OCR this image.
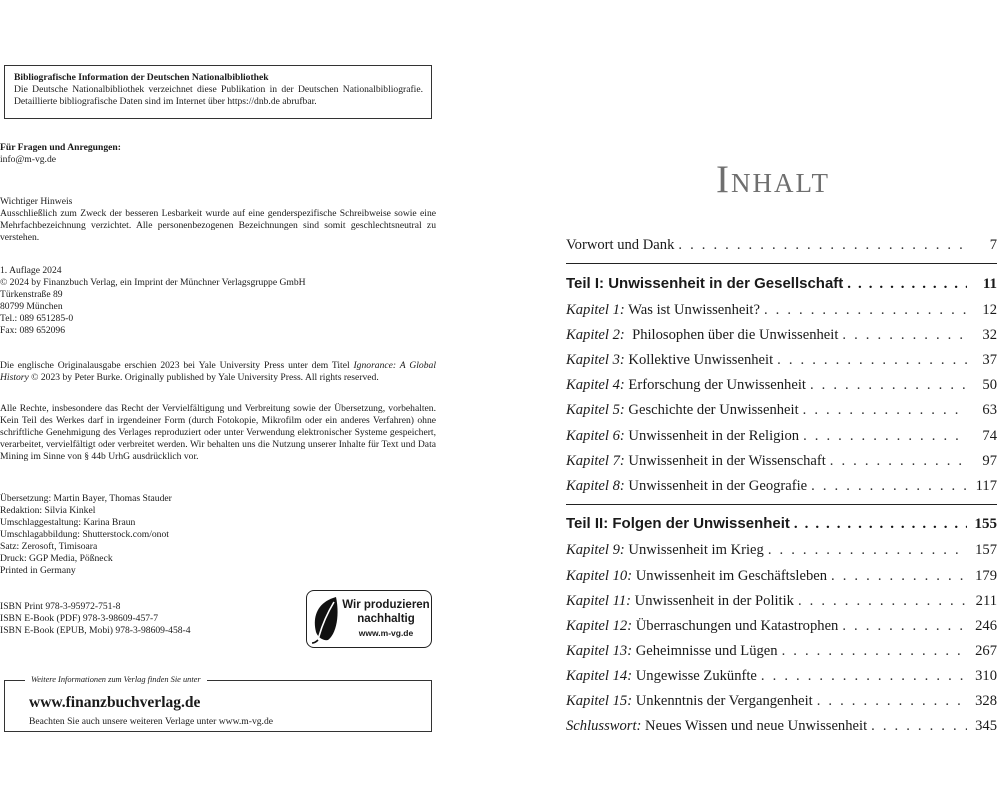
Bibliografische Information der Deutschen Nationalbibliothek
Die Deutsche Nationalbibliothek verzeichnet diese Publikation in der Deutschen Nationalbibliografie. Detaillierte bibliografische Daten sind im Internet über https://dnb.de abrufbar.
Für Fragen und Anregungen:
info@m-vg.de
Wichtiger Hinweis
Ausschließlich zum Zweck der besseren Lesbarkeit wurde auf eine genderspezifische Schreibweise sowie eine Mehrfachbezeichnung verzichtet. Alle personenbezogenen Bezeichnungen sind somit geschlechtsneutral zu verstehen.
1. Auflage 2024
© 2024 by Finanzbuch Verlag, ein Imprint der Münchner Verlagsgruppe GmbH
Türkenstraße 89
80799 München
Tel.: 089 651285-0
Fax: 089 652096
Die englische Originalausgabe erschien 2023 bei Yale University Press unter dem Titel Ignorance: A Global History © 2023 by Peter Burke. Originally published by Yale University Press. All rights reserved.
Alle Rechte, insbesondere das Recht der Vervielfältigung und Verbreitung sowie der Übersetzung, vorbehalten. Kein Teil des Werkes darf in irgendeiner Form (durch Fotokopie, Mikrofilm oder ein anderes Verfahren) ohne schriftliche Genehmigung des Verlages reproduziert oder unter Verwendung elektronischer Systeme gespeichert, verarbeitet, vervielfältigt oder verbreitet werden. Wir behalten uns die Nutzung unserer Inhalte für Text und Data Mining im Sinne von § 44b UrhG ausdrücklich vor.
Übersetzung: Martin Bayer, Thomas Stauder
Redaktion: Silvia Kinkel
Umschlaggestaltung: Karina Braun
Umschlagabbildung: Shutterstock.com/onot
Satz: Zerosoft, Timisoara
Druck: GGP Media, Pößneck
Printed in Germany
ISBN Print 978-3-95972-751-8
ISBN E-Book (PDF) 978-3-98609-457-7
ISBN E-Book (EPUB, Mobi) 978-3-98609-458-4
Wir produzieren
nachhaltig
www.m-vg.de
Weitere Informationen zum Verlag finden Sie unter
www.finanzbuchverlag.de
Beachten Sie auch unsere weiteren Verlage unter www.m-vg.de
Inhalt
Vorwort und Dank . . .	7
Teil I: Unwissenheit in der Gesellschaft . . .	11
Kapitel 1: Was ist Unwissenheit? . . .	12
Kapitel 2:  Philosophen über die Unwissenheit . . .	32
Kapitel 3: Kollektive Unwissenheit . . .	37
Kapitel 4: Erforschung der Unwissenheit . . .	50
Kapitel 5: Geschichte der Unwissenheit . . .	63
Kapitel 6: Unwissenheit in der Religion . . .	74
Kapitel 7: Unwissenheit in der Wissenschaft . . .	97
Kapitel 8: Unwissenheit in der Geografie . . .	117
Teil II: Folgen der Unwissenheit . . .	155
Kapitel 9: Unwissenheit im Krieg . . .	157
Kapitel 10: Unwissenheit im Geschäftsleben . . .	179
Kapitel 11: Unwissenheit in der Politik . . .	211
Kapitel 12: Überraschungen und Katastrophen . . .	246
Kapitel 13: Geheimnisse und Lügen . . .	267
Kapitel 14: Ungewisse Zukünfte . . .	310
Kapitel 15: Unkenntnis der Vergangenheit . . .	328
Schlusswort: Neues Wissen und neue Unwissenheit . . .	345
